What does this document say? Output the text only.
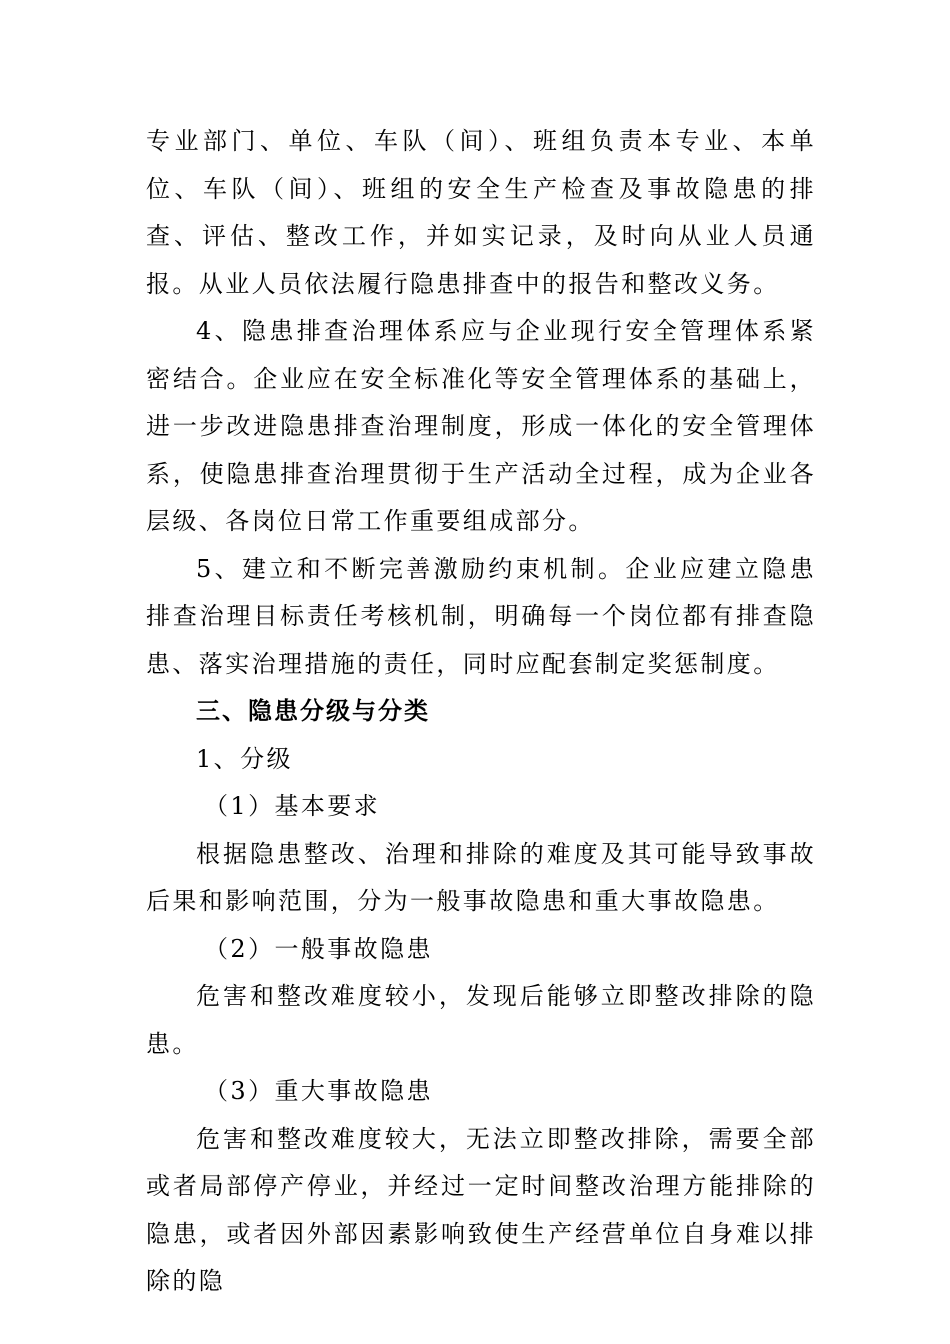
专业部门、单位、车队（间）、班组负责本专业、本单位、车队（间）、班组的安全生产检查及事故隐患的排查、评估、整改工作，并如实记录，及时向从业人员通报。从业人员依法履行隐患排查中的报告和整改义务。

4、隐患排查治理体系应与企业现行安全管理体系紧密结合。企业应在安全标准化等安全管理体系的基础上，进一步改进隐患排查治理制度，形成一体化的安全管理体系，使隐患排查治理贯彻于生产活动全过程，成为企业各层级、各岗位日常工作重要组成部分。

5、建立和不断完善激励约束机制。企业应建立隐患排查治理目标责任考核机制，明确每一个岗位都有排查隐患、落实治理措施的责任，同时应配套制定奖惩制度。

三、隐患分级与分类

1、分级

（1）基本要求

根据隐患整改、治理和排除的难度及其可能导致事故后果和影响范围，分为一般事故隐患和重大事故隐患。

（2）一般事故隐患

危害和整改难度较小，发现后能够立即整改排除的隐患。

（3）重大事故隐患

危害和整改难度较大，无法立即整改排除，需要全部或者局部停产停业，并经过一定时间整改治理方能排除的隐患，或者因外部因素影响致使生产经营单位自身难以排除的隐
